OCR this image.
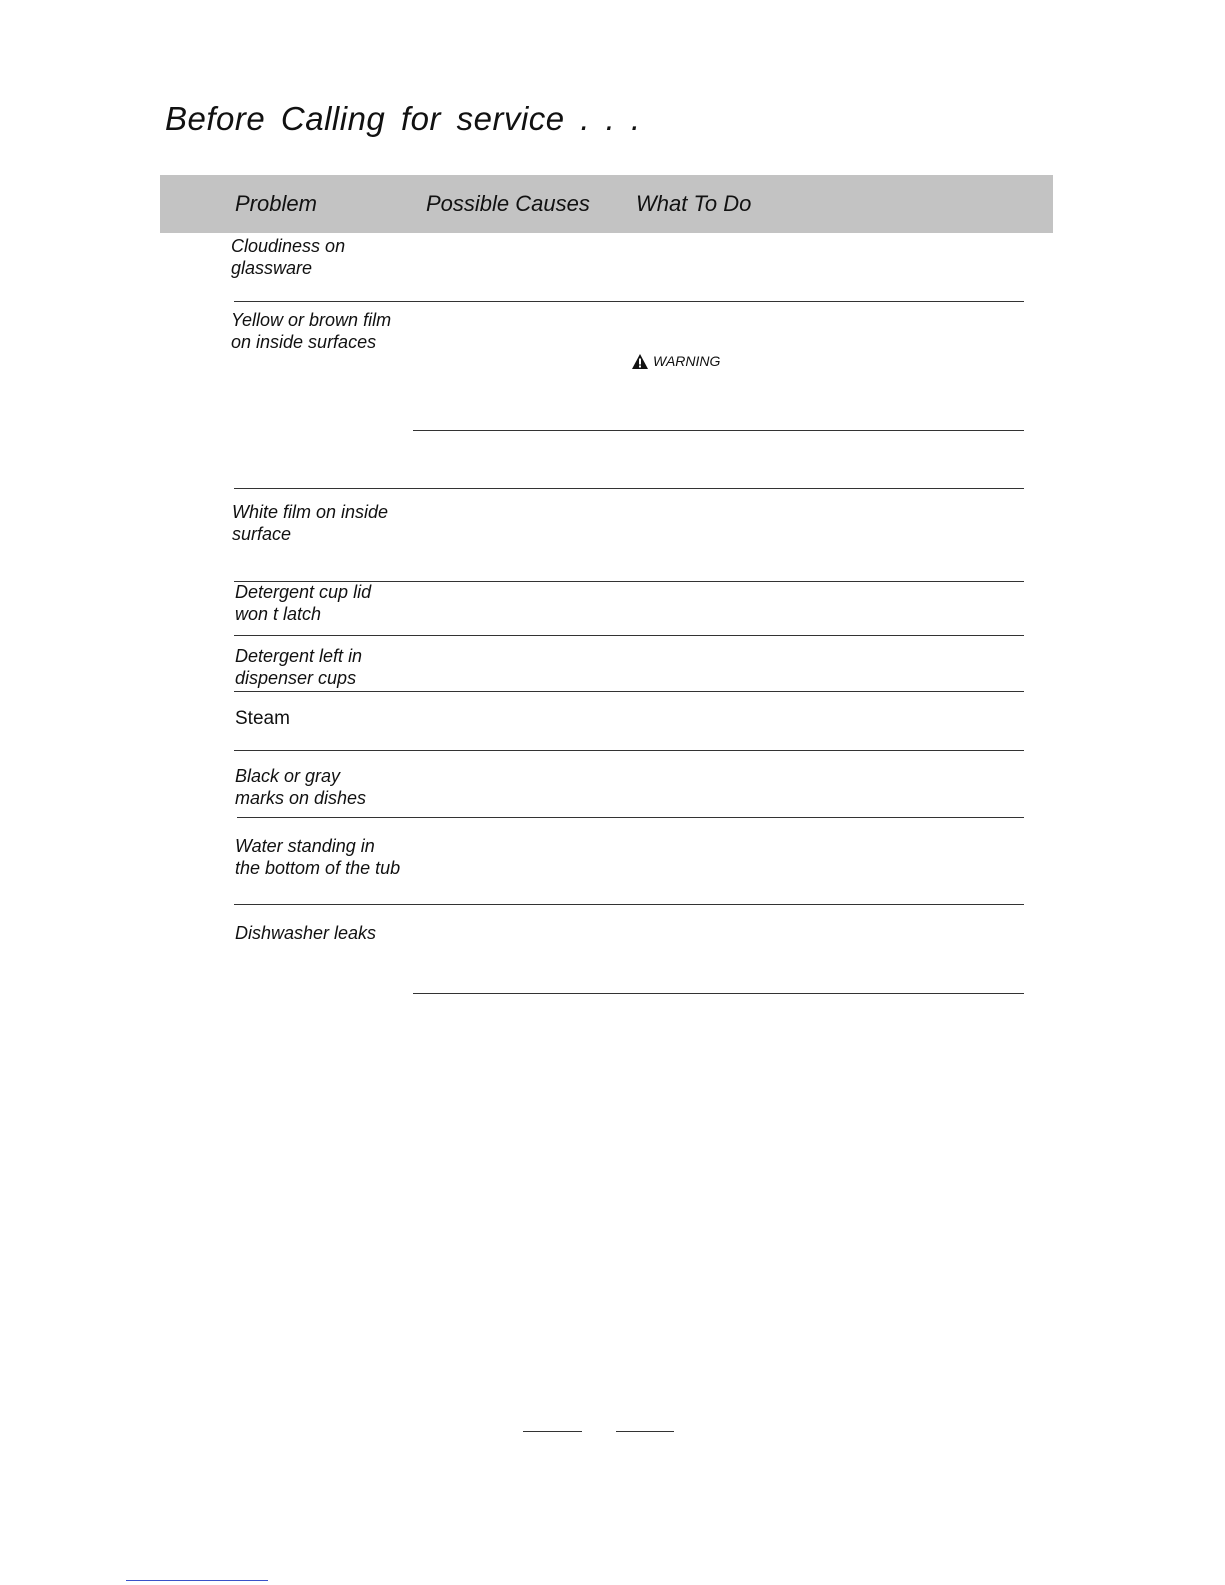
Before Calling for service . . .
Problem	Possible Causes What To Do
Cloudiness on
glassware
Yellow or brown film
on inside surfaces
WARNING
White film on inside
surface
Detergent cup lid
won t latch
Detergent left in
dispenser cups
Steam
Black or gray
marks on dishes
Water standing in
the bottom of the tub
Dishwasher leaks
